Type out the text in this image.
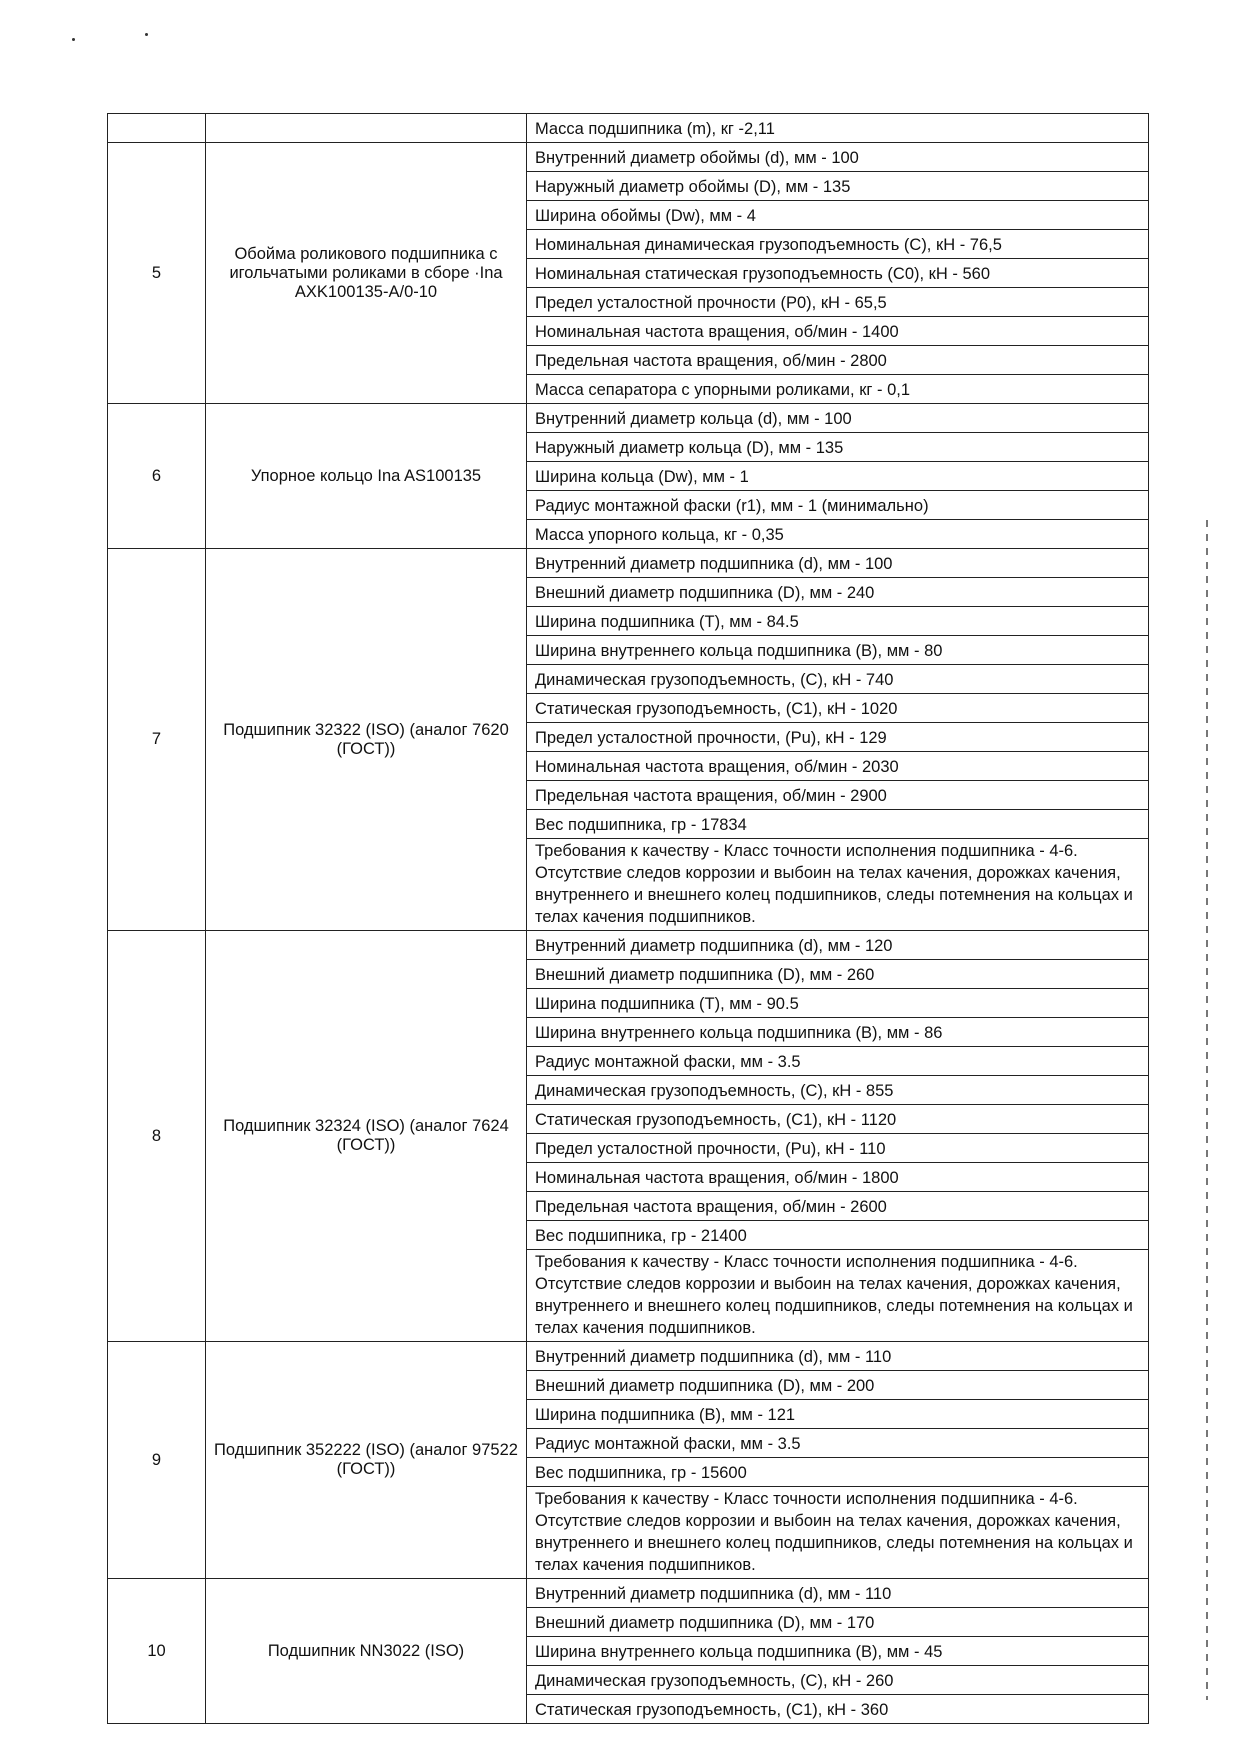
		Масса подшипника (m), кг -2,11
5	Обойма роликового подшипника с игольчатыми роликами в сборе ·Ina AXK100135-A/0-10	Внутренний диаметр обоймы (d), мм - 100
		Наружный диаметр обоймы (D), мм - 135
		Ширина обоймы (Dw), мм - 4
		Номинальная динамическая грузоподъемность (С), кН - 76,5
		Номинальная статическая грузоподъемность (С0), кН - 560
		Предел усталостной прочности (Р0), кН - 65,5
		Номинальная частота вращения, об/мин - 1400
		Предельная частота вращения, об/мин - 2800
		Масса сепаратора с упорными роликами, кг - 0,1
6	Упорное кольцо Ina AS100135	Внутренний диаметр кольца (d), мм - 100
		Наружный диаметр кольца (D), мм - 135
		Ширина кольца (Dw), мм - 1
		Радиус монтажной фаски (r1), мм - 1 (минимально)
		Масса упорного кольца, кг - 0,35
7	Подшипник 32322 (ISO) (аналог 7620 (ГОСТ))	Внутренний диаметр подшипника (d), мм - 100
		Внешний диаметр подшипника (D), мм - 240
		Ширина подшипника (Т), мм - 84.5
		Ширина внутреннего кольца подшипника (В), мм - 80
		Динамическая грузоподъемность, (С), кН - 740
		Статическая грузоподъемность, (С1), кН - 1020
		Предел усталостной прочности, (Pu), кН - 129
		Номинальная частота вращения, об/мин - 2030
		Предельная частота вращения, об/мин - 2900
		Вес подшипника, гр - 17834
		Требования к качеству - Класс точности исполнения подшипника - 4-6. Отсутствие следов коррозии и выбоин на телах качения, дорожках качения, внутреннего и внешнего колец подшипников, следы потемнения на кольцах и телах качения подшипников.
8	Подшипник 32324 (ISO) (аналог 7624 (ГОСТ))	Внутренний диаметр подшипника (d), мм - 120
		Внешний диаметр подшипника (D), мм - 260
		Ширина подшипника (Т), мм - 90.5
		Ширина внутреннего кольца подшипника (В), мм - 86
		Радиус монтажной фаски, мм - 3.5
		Динамическая грузоподъемность, (С), кН - 855
		Статическая грузоподъемность, (С1), кН - 1120
		Предел усталостной прочности, (Pu), кН - 110
		Номинальная частота вращения, об/мин - 1800
		Предельная частота вращения, об/мин - 2600
		Вес подшипника, гр - 21400
		Требования к качеству - Класс точности исполнения подшипника - 4-6. Отсутствие следов коррозии и выбоин на телах качения, дорожках качения, внутреннего и внешнего колец подшипников, следы потемнения на кольцах и телах качения подшипников.
9	Подшипник 352222 (ISO) (аналог 97522 (ГОСТ))	Внутренний диаметр подшипника (d), мм - 110
		Внешний диаметр подшипника (D), мм - 200
		Ширина подшипника (В), мм - 121
		Радиус монтажной фаски, мм - 3.5
		Вес подшипника, гр - 15600
		Требования к качеству - Класс точности исполнения подшипника - 4-6. Отсутствие следов коррозии и выбоин на телах качения, дорожках качения, внутреннего и внешнего колец подшипников, следы потемнения на кольцах и телах качения подшипников.
10	Подшипник NN3022 (ISO)	Внутренний диаметр подшипника (d), мм - 110
		Внешний диаметр подшипника (D), мм - 170
		Ширина внутреннего кольца подшипника (В), мм - 45
		Динамическая грузоподъемность, (С), кН - 260
		Статическая грузоподъемность, (С1), кН - 360
